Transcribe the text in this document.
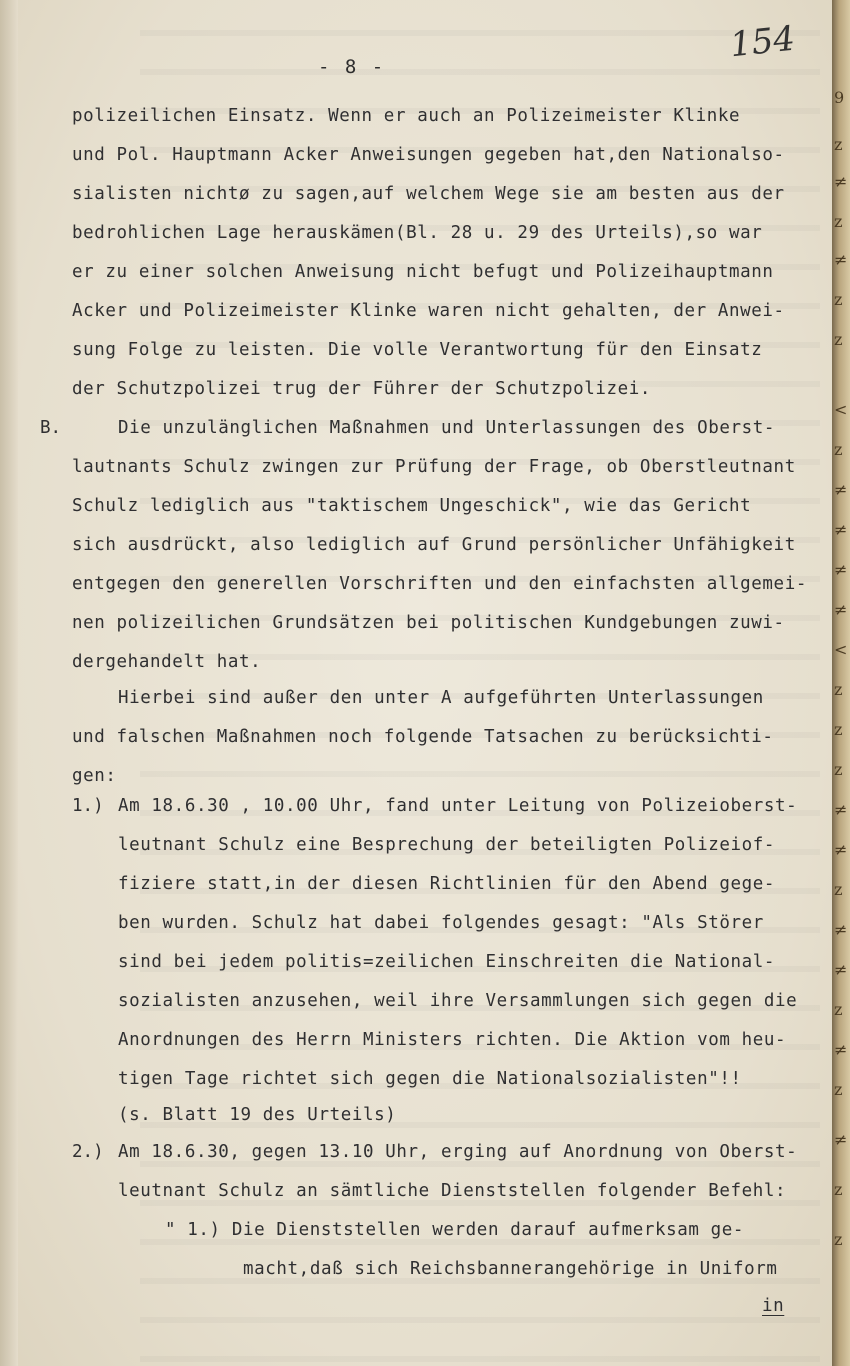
154
- 8 -
B.
1.)
2.)
polizeilichen Einsatz. Wenn er auch an Polizeimeister Klinke
und Pol. Hauptmann Acker Anweisungen gegeben hat,den Nationalso-
sialisten nichtø zu sagen,auf welchem Wege sie am besten aus der
bedrohlichen Lage herauskämen(Bl. 28 u. 29 des Urteils),so war
er zu einer solchen Anweisung nicht befugt und Polizeihauptmann
Acker und Polizeimeister Klinke waren nicht gehalten, der Anwei-
sung Folge zu leisten. Die volle Verantwortung für den Einsatz
der Schutzpolizei trug der Führer der Schutzpolizei.
Die unzulänglichen Maßnahmen und Unterlassungen des Oberst-
lautnants Schulz zwingen zur Prüfung der Frage, ob Oberstleutnant
Schulz lediglich aus "taktischem Ungeschick", wie das Gericht
sich ausdrückt, also lediglich auf Grund persönlicher Unfähigkeit
entgegen den generellen Vorschriften und den einfachsten allgemei-
nen polizeilichen Grundsätzen bei politischen Kundgebungen zuwi-
dergehandelt hat.
Hierbei sind außer den unter A aufgeführten Unterlassungen
und falschen Maßnahmen noch folgende Tatsachen zu berücksichti-
gen:
Am 18.6.30 , 10.00 Uhr, fand unter Leitung von Polizeioberst-
leutnant Schulz eine Besprechung der beteiligten Polizeiof-
fiziere statt,in der diesen Richtlinien für den Abend gege-
ben wurden. Schulz hat dabei folgendes gesagt: "Als Störer
sind bei jedem politis=zeilichen Einschreiten die National-
sozialisten anzusehen, weil ihre Versammlungen sich gegen die
Anordnungen des Herrn Ministers richten. Die Aktion vom heu-
tigen Tage richtet sich gegen die Nationalsozialisten"!!
(s. Blatt 19 des Urteils)
Am 18.6.30, gegen 13.10 Uhr, erging auf Anordnung von Oberst-
leutnant Schulz an sämtliche Dienststellen folgender Befehl:
" 1.) Die Dienststellen werden darauf aufmerksam ge-
macht,daß sich Reichsbannerangehörige in Uniform
in
9
z
≠
z
≠
z
z
<
z
≠
≠
≠
≠
<
z
z
z
≠
≠
z
≠
≠
z
≠
z
≠
z
z
